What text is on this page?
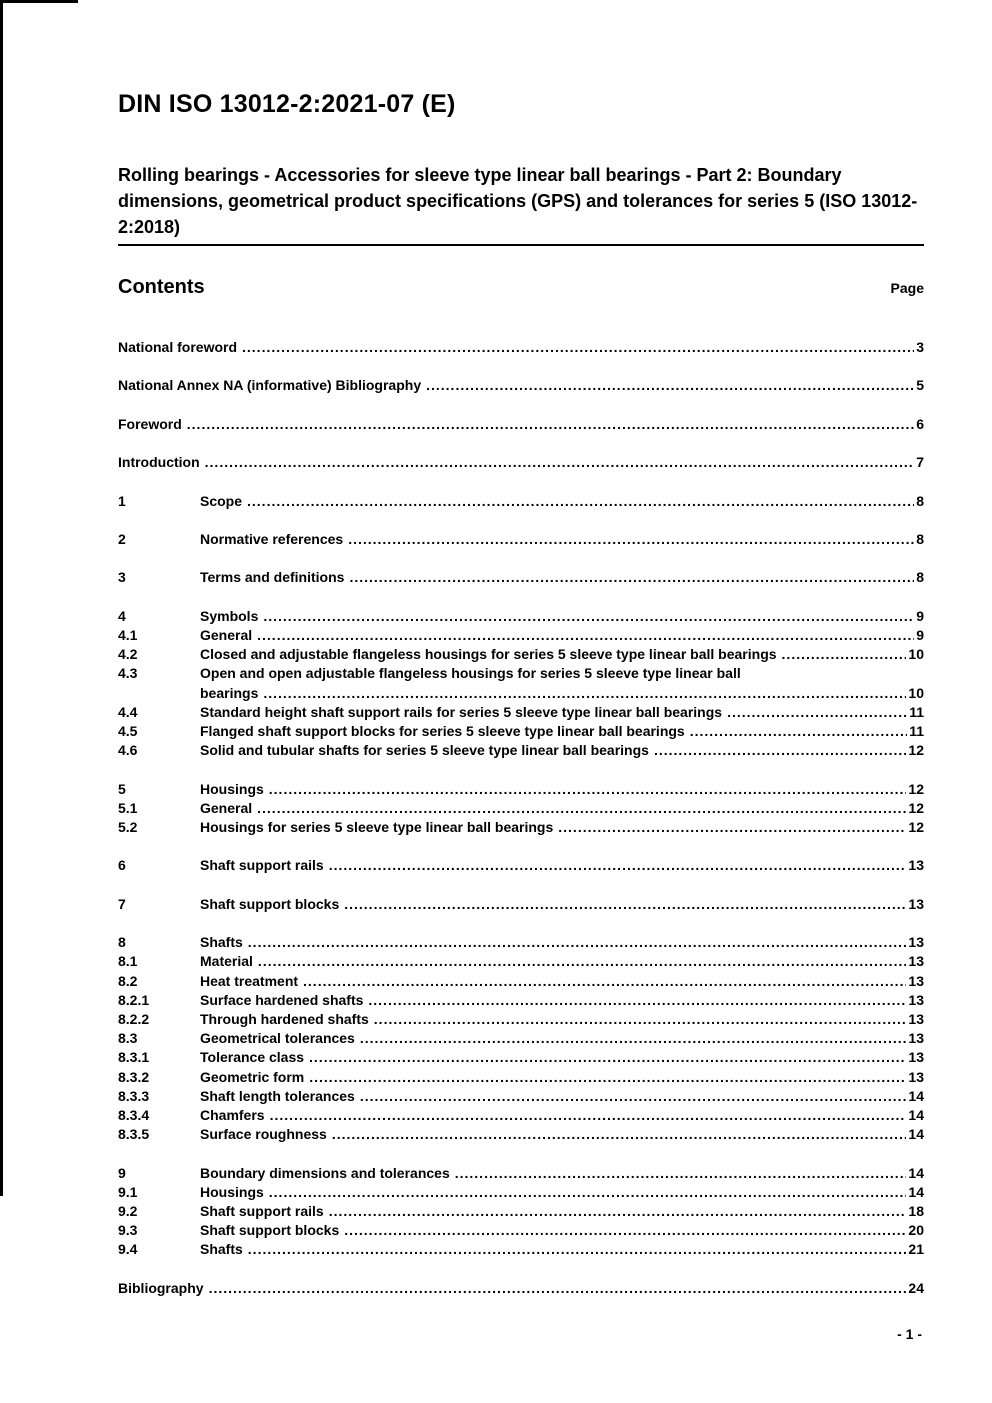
DIN ISO 13012-2:2021-07 (E)
Rolling bearings - Accessories for sleeve type linear ball bearings - Part 2: Boundary dimensions, geometrical product specifications (GPS) and tolerances for series 5 (ISO 13012-2:2018)
Contents	Page
National foreword .....	3
National Annex NA (informative) Bibliography .....	5
Foreword .....	6
Introduction .....	7
1	Scope .....	8
2	Normative references .....	8
3	Terms and definitions .....	8
4	Symbols .....	9
4.1	General .....	9
4.2	Closed and adjustable flangeless housings for series 5 sleeve type linear ball bearings .....	10
4.3	Open and open adjustable flangeless housings for series 5 sleeve type linear ball
bearings .....	10
4.4	Standard height shaft support rails for series 5 sleeve type linear ball bearings .....	11
4.5	Flanged shaft support blocks for series 5 sleeve type linear ball bearings .....	11
4.6	Solid and tubular shafts for series 5 sleeve type linear ball bearings .....	12
5	Housings .....	12
5.1	General .....	12
5.2	Housings for series 5 sleeve type linear ball bearings .....	12
6	Shaft support rails .....	13
7	Shaft support blocks .....	13
8	Shafts .....	13
8.1	Material .....	13
8.2	Heat treatment .....	13
8.2.1	Surface hardened shafts .....	13
8.2.2	Through hardened shafts .....	13
8.3	Geometrical tolerances .....	13
8.3.1	Tolerance class .....	13
8.3.2	Geometric form .....	13
8.3.3	Shaft length tolerances .....	14
8.3.4	Chamfers .....	14
8.3.5	Surface roughness .....	14
9	Boundary dimensions and tolerances .....	14
9.1	Housings .....	14
9.2	Shaft support rails .....	18
9.3	Shaft support blocks .....	20
9.4	Shafts .....	21
Bibliography .....	24
- 1 -
